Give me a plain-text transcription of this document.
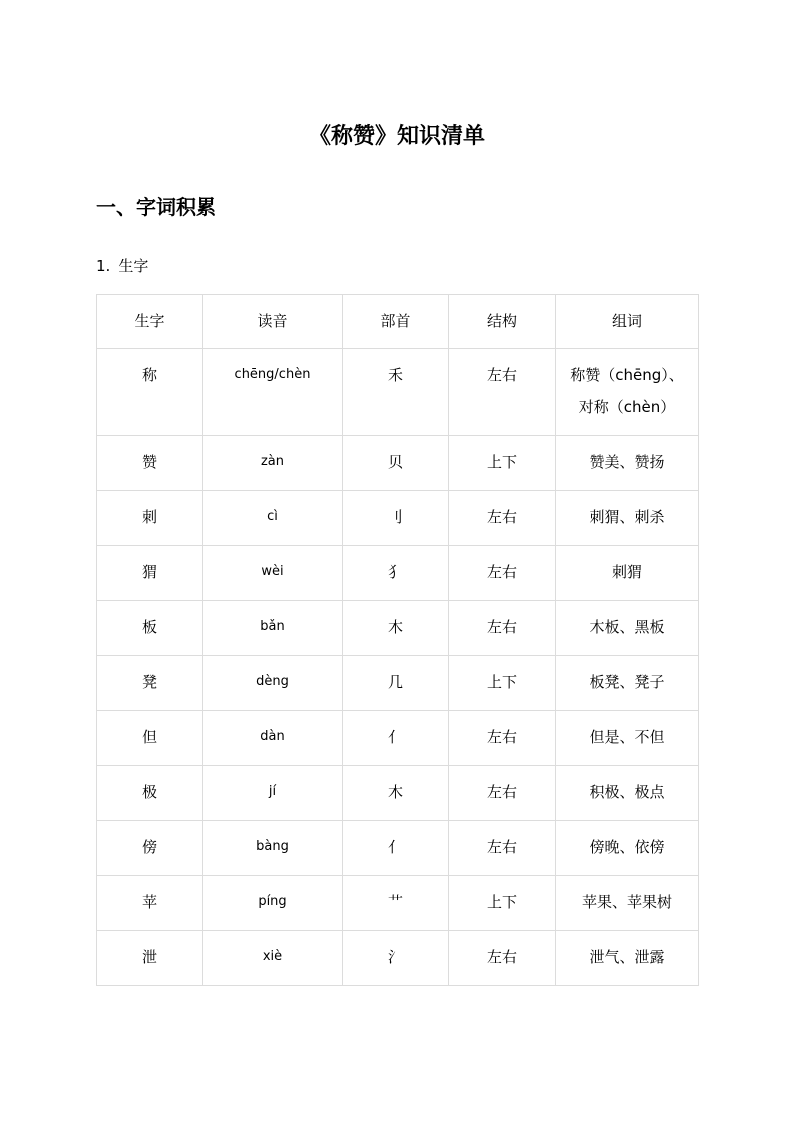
《称赞》知识清单
一、字词积累
1. 生字
生字	读音	部首	结构	组词
称	chēng/chèn	禾	左右	称赞（chēng）、
对称（chèn）

赞	zàn	贝	上下	赞美、赞扬

刺	cì	刂	左右	刺猬、刺杀

猬	wèi	犭	左右	刺猬

板	bǎn	木	左右	木板、黑板

凳	dèng	几	上下	板凳、凳子

但	dàn	亻	左右	但是、不但

极	jí	木	左右	积极、极点

傍	bàng	亻	左右	傍晚、依傍

苹	píng	艹	上下	苹果、苹果树

泄	xiè	氵	左右	泄气、泄露
